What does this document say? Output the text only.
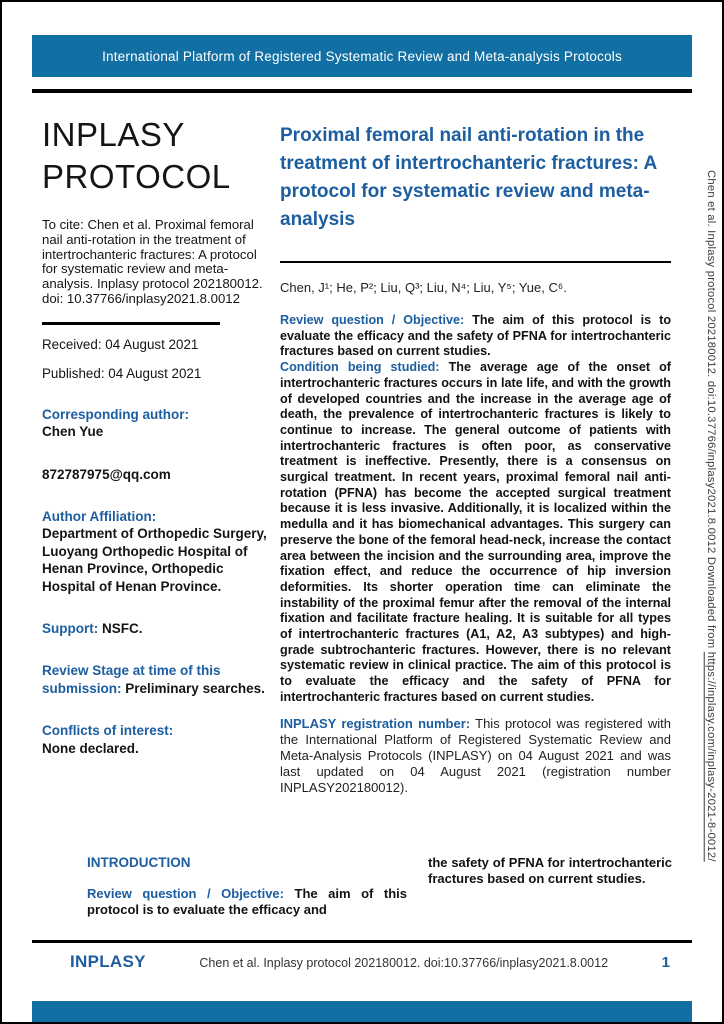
International Platform of Registered Systematic Review and Meta-analysis Protocols
INPLASY
PROTOCOL

To cite: Chen et al. Proximal femoral nail anti-rotation in the treatment of intertrochanteric fractures: A protocol for systematic review and meta-analysis. Inplasy protocol 202180012. doi: 10.37766/inplasy2021.8.0012

Received: 04 August 2021

Published: 04 August 2021

Corresponding author:
Chen Yue

872787975@qq.com

Author Affiliation:
Department of Orthopedic Surgery, Luoyang Orthopedic Hospital of Henan Province, Orthopedic Hospital of Henan Province.

Support: NSFC.

Review Stage at time of this submission: Preliminary searches.

Conflicts of interest:
None declared.

Proximal femoral nail anti-rotation in the treatment of intertrochanteric fractures: A protocol for systematic review and meta-analysis

Chen, J¹; He, P²; Liu, Q³; Liu, N⁴; Liu, Y⁵; Yue, C⁶.

Review question / Objective: The aim of this protocol is to evaluate the efficacy and the safety of PFNA for intertrochanteric fractures based on current studies.

Condition being studied: The average age of the onset of intertrochanteric fractures occurs in late life, and with the growth of developed countries and the increase in the average age of death, the prevalence of intertrochanteric fractures is likely to continue to increase. The general outcome of patients with intertrochanteric fractures is often poor, as conservative treatment is ineffective. Presently, there is a consensus on surgical treatment. In recent years, proximal femoral nail anti-rotation (PFNA) has become the accepted surgical treatment because it is less invasive. Additionally, it is localized within the medulla and it has biomechanical advantages. This surgery can preserve the bone of the femoral head-neck, increase the contact area between the incision and the surrounding area, improve the fixation effect, and reduce the occurrence of hip inversion deformities. Its shorter operation time can eliminate the instability of the proximal femur after the removal of the internal fixation and facilitate fracture healing. It is suitable for all types of intertrochanteric fractures (A1, A2, A3 subtypes) and high-grade subtrochanteric fractures. However, there is no relevant systematic review in clinical practice. The aim of this protocol is to evaluate the efficacy and the safety of PFNA for intertrochanteric fractures based on current studies.

INPLASY registration number: This protocol was registered with the International Platform of Registered Systematic Review and Meta-Analysis Protocols (INPLASY) on 04 August 2021 and was last updated on 04 August 2021 (registration number INPLASY202180012).

INTRODUCTION

Review question / Objective: The aim of this protocol is to evaluate the efficacy and

the safety of PFNA for intertrochanteric fractures based on current studies.

INPLASY	Chen et al. Inplasy protocol 202180012. doi:10.37766/inplasy2021.8.0012	1
Chen et al. Inplasy protocol 202180012. doi:10.37766/inplasy2021.8.0012 Downloaded from https://inplasy.com/inplasy-2021-8-0012/
